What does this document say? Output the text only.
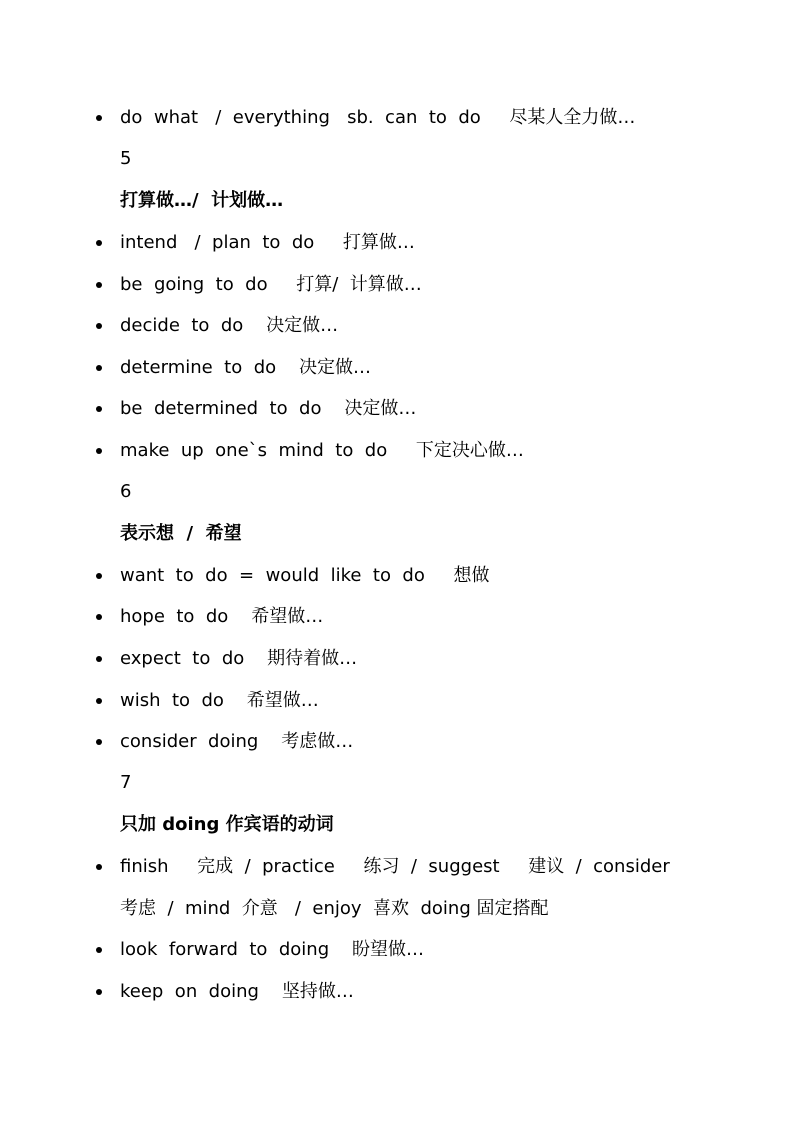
do  what   /  everything   sb.  can  to  do     尽某人全力做…
5
打算做…/  计划做…
intend   /  plan  to  do     打算做…
be  going  to  do     打算/  计算做…
decide  to  do    决定做…
determine  to  do    决定做…
be  determined  to  do    决定做…
make  up  one`s  mind  to  do     下定决心做…
6
表示想  /  希望
want  to  do  =  would  like  to  do     想做
hope  to  do    希望做…
expect  to  do    期待着做…
wish  to  do    希望做…
consider  doing    考虑做…
7
只加 doing 作宾语的动词
finish     完成  /  practice     练习  /  suggest     建议  /  consider
考虑  /  mind  介意   /  enjoy  喜欢  doing 固定搭配
look  forward  to  doing    盼望做…
keep  on  doing    坚持做…
